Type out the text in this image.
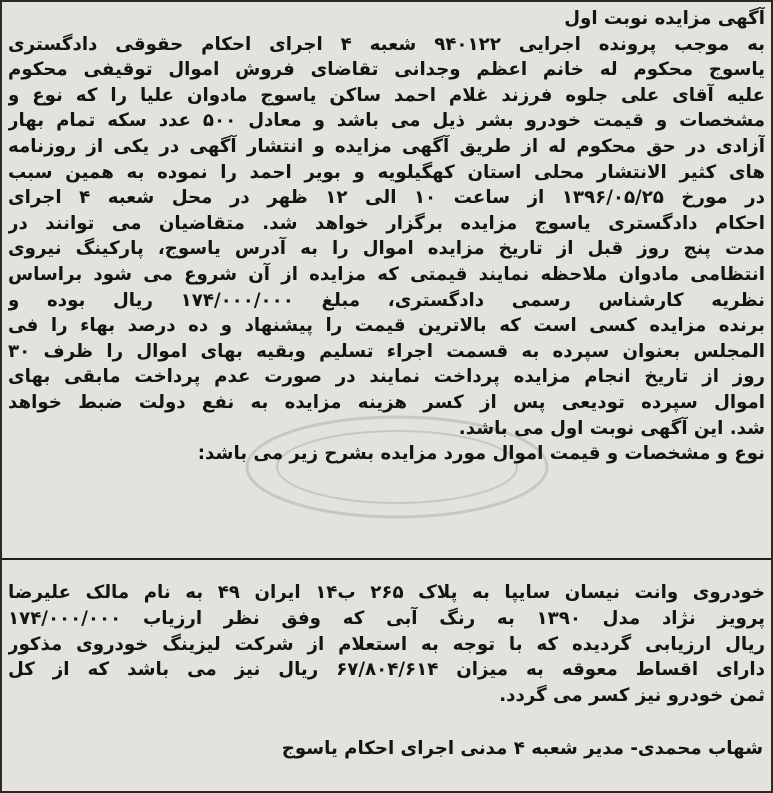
آگهی مزایده نوبت اول
به موجب پرونده اجرایی ۹۴۰۱۲۲ شعبه ۴ اجرای احکام حقوقی دادگستری
یاسوج محکوم له خانم اعظم وجدانی تقاضای فروش اموال توقیفی محکوم
علیه آقای علی جلوه فرزند غلام احمد ساکن یاسوج مادوان علیا را که نوع و
مشخصات و قیمت خودرو بشر ذیل می باشد و معادل ۵۰۰ عدد سکه تمام بهار
آزادی در حق محکوم له از طریق آگهی مزایده و انتشار آگهی در یکی از روزنامه
های کثیر الانتشار محلی استان کهگیلویه و بویر احمد را نموده به همین سبب
در مورخ ۱۳۹۶/۰۵/۲۵ از ساعت ۱۰ الی ۱۲ ظهر در محل شعبه ۴ اجرای
احکام دادگستری یاسوج مزایده برگزار خواهد شد. متقاضیان می توانند در
مدت پنج روز قبل از تاریخ مزایده اموال را به آدرس یاسوج، پارکینگ نیروی
انتظامی مادوان ملاحظه نمایند قیمتی که مزایده از آن شروع می شود براساس
نظریه کارشناس رسمی دادگستری، مبلغ ۱۷۴/۰۰۰/۰۰۰ ریال بوده و
برنده مزایده کسی است که بالاترین قیمت را پیشنهاد و ده درصد بهاء را فی
المجلس بعنوان سپرده به قسمت اجراء تسلیم وبقیه بهای اموال را ظرف ۳۰
روز از تاریخ انجام مزایده پرداخت نمایند در صورت عدم پرداخت مابقی بهای
اموال سپرده تودیعی پس از کسر هزینه مزایده به نفع دولت ضبط خواهد
شد. این آگهی نوبت اول می باشد.
نوع و مشخصات و قیمت اموال مورد مزایده بشرح زیر می باشد:
خودروی وانت نیسان سایپا به پلاک ۲۶۵ ب۱۴ ایران ۴۹ به نام مالک علیرضا
پرویز نژاد مدل ۱۳۹۰ به رنگ آبی که وفق نظر ارزیاب ۱۷۴/۰۰۰/۰۰۰
ریال ارزیابی گردیده که با توجه به استعلام از شرکت لیزینگ خودروی مذکور
دارای اقساط معوقه به میزان ۶۷/۸۰۴/۶۱۴ ریال نیز می باشد که از کل
ثمن خودرو نیز کسر می گردد.
شهاب محمدی- مدیر شعبه ۴ مدنی اجرای احکام یاسوج
